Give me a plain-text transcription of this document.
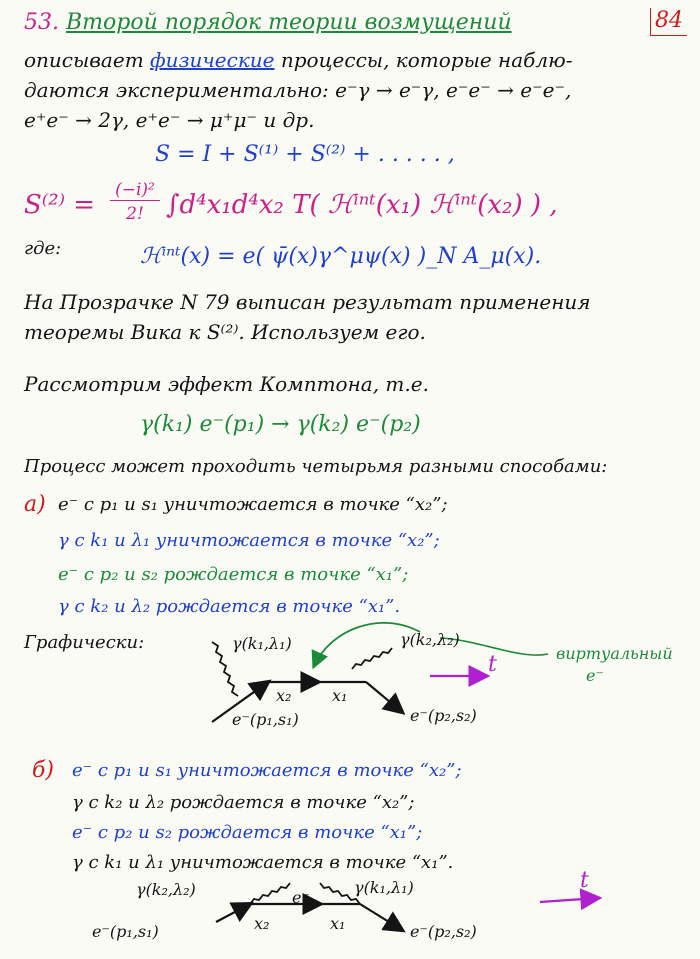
53. Второй порядок теории возмущений	84
описывает физические процессы, которые наблю-
даются экспериментально: e⁻γ → e⁻γ, e⁻e⁻ → e⁻e⁻,
e⁺e⁻ → 2γ, e⁺e⁻ → μ⁺μ⁻ и др.
S = I + S⁽¹⁾ + S⁽²⁾ + . . . . . ,
S⁽²⁾ =	(−i)²
2! ∫d⁴x₁d⁴x₂ T( ℋⁱⁿᵗ(x₁) ℋⁱⁿᵗ(x₂) ) ,
где:	ℋⁱⁿᵗ(x) = e( ψ̄(x)γ^μψ(x) )_N A_μ(x).
На Прозрачке N 79 выписан результат применения
теоремы Вика к S⁽²⁾. Используем его.
Рассмотрим эффект Комптона, т.е.
γ(k₁) e⁻(p₁) → γ(k₂) e⁻(p₂)
Процесс может проходить четырьмя разными способами:
а) e⁻ с p₁ и s₁ уничтожается в точке “x₂”;
γ с k₁ и λ₁ уничтожается в точке “x₂”;
e⁻ с p₂ и s₂ рождается в точке “x₁”;
γ с k₂ и λ₂ рождается в точке “x₁”.
Графически:	γ(k₁,λ₁)	γ(k₂,λ₂)
x₂	x₁
e⁻(p₁,s₁)	e⁻(p₂,s₂)
виртуальный
e⁻
t
б) e⁻ с p₁ и s₁ уничтожается в точке “x₂”;
γ с k₂ и λ₂ рождается в точке “x₂”;
e⁻ с p₂ и s₂ рождается в точке “x₁”;
γ с k₁ и λ₁ уничтожается в точке “x₁”.
γ(k₂,λ₂)	γ(k₁,λ₁)
e⁻
x₂	x₁
e⁻(p₁,s₁)	e⁻(p₂,s₂)
t
